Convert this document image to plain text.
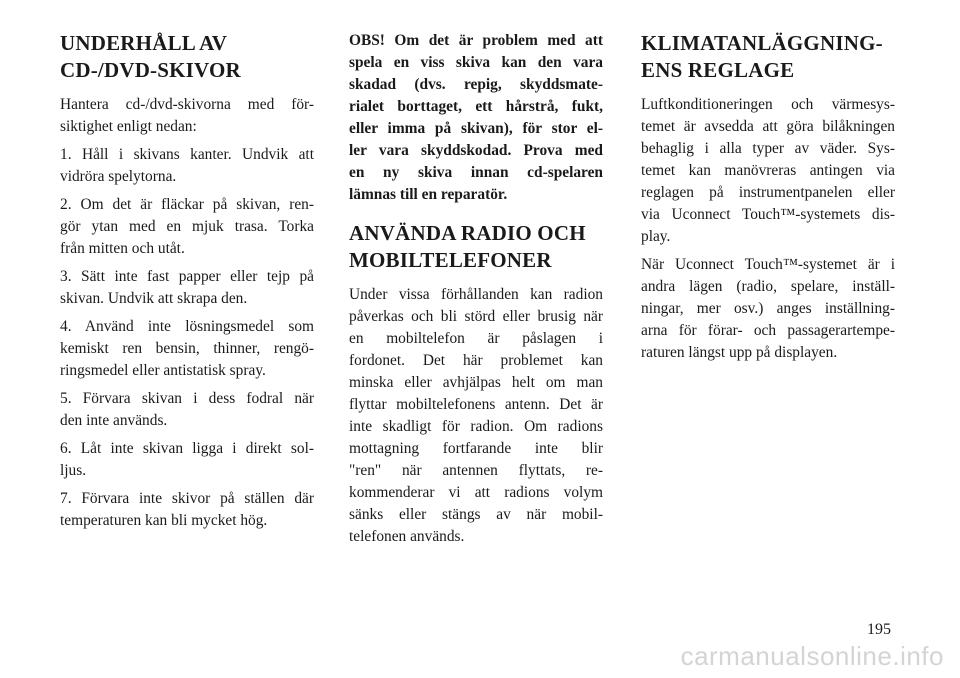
UNDERHÅLL AV
CD-/DVD-SKIVOR
Hantera cd-/dvd-skivorna med för-
siktighet enligt nedan:
1. Håll i skivans kanter. Undvik att
vidröra spelytorna.
2. Om det är fläckar på skivan, ren-
gör ytan med en mjuk trasa. Torka
från mitten och utåt.
3. Sätt inte fast papper eller tejp på
skivan. Undvik att skrapa den.
4. Använd inte lösningsmedel som
kemiskt ren bensin, thinner, rengö-
ringsmedel eller antistatisk spray.
5. Förvara skivan i dess fodral när
den inte används.
6. Låt inte skivan ligga i direkt sol-
ljus.
7. Förvara inte skivor på ställen där
temperaturen kan bli mycket hög.
OBS! Om det är problem med att
spela en viss skiva kan den vara
skadad (dvs. repig, skyddsmate-
rialet borttaget, ett hårstrå, fukt,
eller imma på skivan), för stor el-
ler vara skyddskodad. Prova med
en ny skiva innan cd-spelaren
lämnas till en reparatör.
ANVÄNDA RADIO OCH
MOBILTELEFONER
Under vissa förhållanden kan radion
påverkas och bli störd eller brusig när
en mobiltelefon är påslagen i
fordonet. Det här problemet kan
minska eller avhjälpas helt om man
flyttar mobiltelefonens antenn. Det är
inte skadligt för radion. Om radions
mottagning fortfarande inte blir
"ren" när antennen flyttats, re-
kommenderar vi att radions volym
sänks eller stängs av när mobil-
telefonen används.
KLIMATANLÄGGNING-
ENS REGLAGE
Luftkonditioneringen och värmesys-
temet är avsedda att göra bilåkningen
behaglig i alla typer av väder. Sys-
temet kan manövreras antingen via
reglagen på instrumentpanelen eller
via Uconnect Touch™-systemets dis-
play.
När Uconnect Touch™-systemet är i
andra lägen (radio, spelare, inställ-
ningar, mer osv.) anges inställning-
arna för förar- och passagerartempe-
raturen längst upp på displayen.
195
carmanualsonline.info
